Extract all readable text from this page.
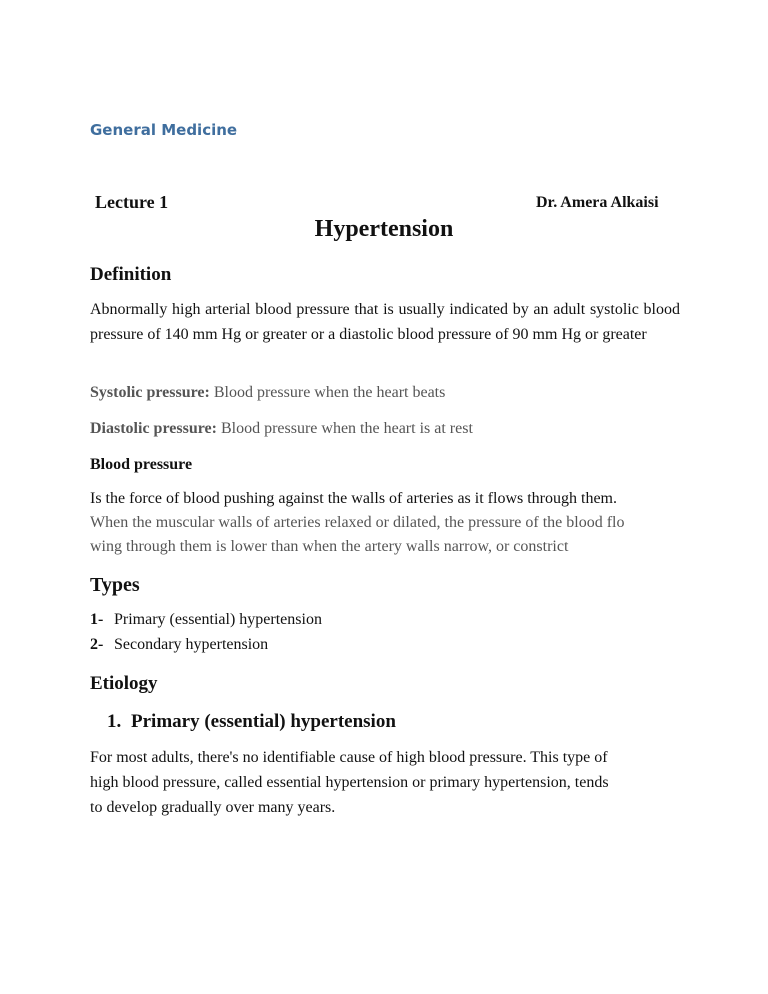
General Medicine
Lecture 1	Dr. Amera Alkaisi
Hypertension
Definition
Abnormally high arterial blood pressure that is usually indicated by an adult systolic blood pressure of 140 mm Hg or greater or a diastolic blood pressure of 90 mm Hg or greater
Systolic pressure: Blood pressure when the heart beats
Diastolic pressure: Blood pressure when the heart is at rest
Blood pressure
Is the force of blood pushing against the walls of arteries as it flows through them.
When the muscular walls of arteries relaxed or dilated, the pressure of the blood flo
wing through them is lower than when the artery walls narrow, or constrict
Types
1- Primary (essential) hypertension
2- Secondary hypertension
Etiology
1. Primary (essential) hypertension
For most adults, there's no identifiable cause of high blood pressure. This type of
high blood pressure, called essential hypertension or primary hypertension, tends
to develop gradually over many years.
